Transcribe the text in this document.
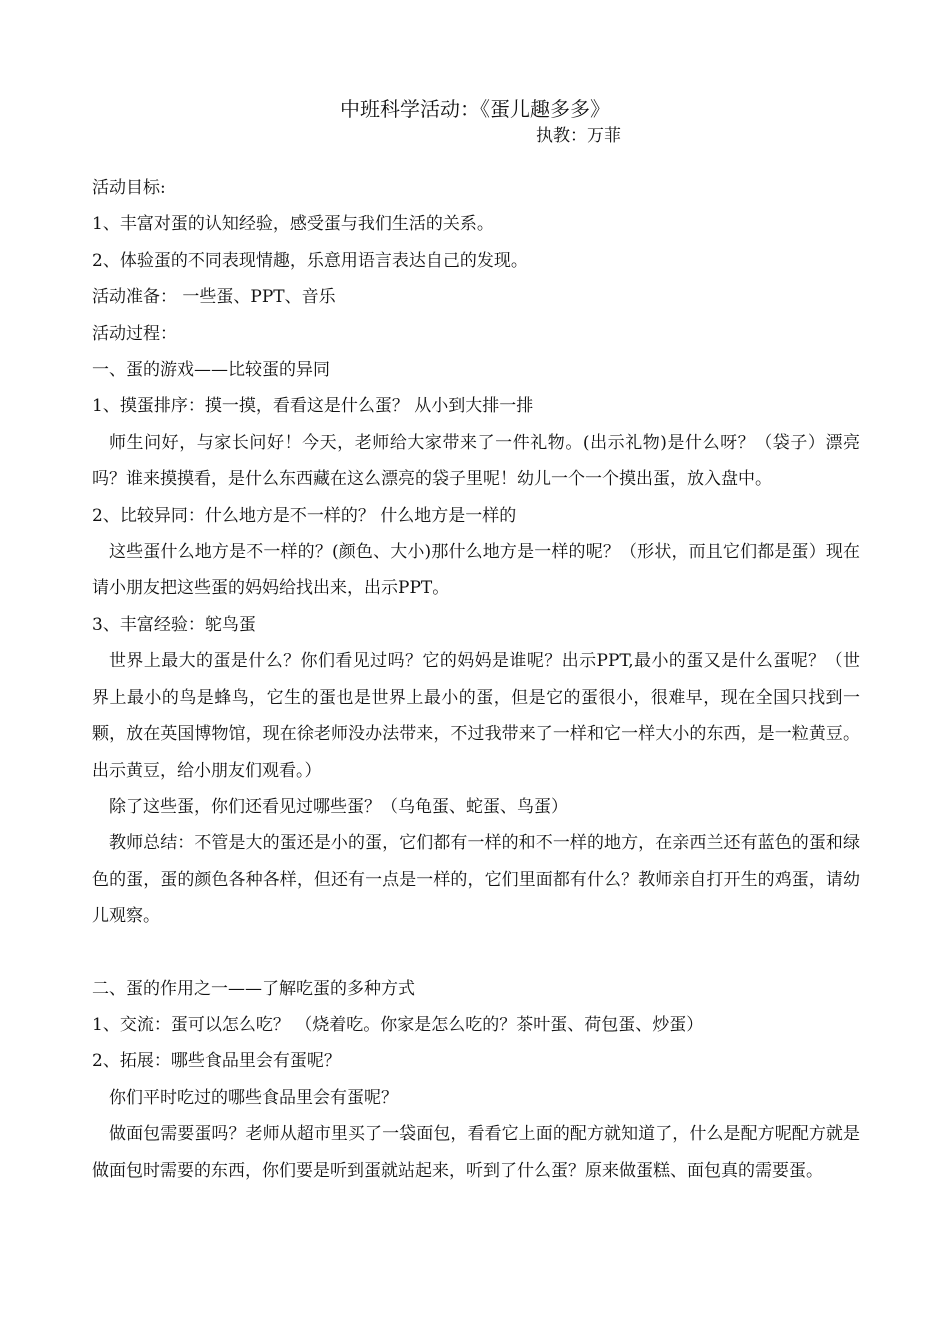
中班科学活动：《蛋儿趣多多》
执教：万菲

活动目标:

1、丰富对蛋的认知经验，感受蛋与我们生活的关系。

2、体验蛋的不同表现情趣，乐意用语言表达自己的发现。

活动准备： 一些蛋、PPT、音乐

活动过程：

一、蛋的游戏——比较蛋的异同

1、摸蛋排序：摸一摸，看看这是什么蛋？ 从小到大排一排

师生问好，与家长问好！今天，老师给大家带来了一件礼物。(出示礼物)是什么呀？（袋子）漂亮吗？谁来摸摸看，是什么东西藏在这么漂亮的袋子里呢！幼儿一个一个摸出蛋，放入盘中。

2、比较异同：什么地方是不一样的？ 什么地方是一样的

这些蛋什么地方是不一样的？(颜色、大小)那什么地方是一样的呢？（形状，而且它们都是蛋）现在请小朋友把这些蛋的妈妈给找出来，出示PPT。

3、丰富经验：鸵鸟蛋

世界上最大的蛋是什么？你们看见过吗？它的妈妈是谁呢？出示PPT,最小的蛋又是什么蛋呢？（世界上最小的鸟是蜂鸟，它生的蛋也是世界上最小的蛋，但是它的蛋很小，很难早，现在全国只找到一颗，放在英国博物馆，现在徐老师没办法带来，不过我带来了一样和它一样大小的东西，是一粒黄豆。出示黄豆，给小朋友们观看。）

除了这些蛋，你们还看见过哪些蛋？（乌龟蛋、蛇蛋、鸟蛋）

教师总结：不管是大的蛋还是小的蛋，它们都有一样的和不一样的地方，在亲西兰还有蓝色的蛋和绿色的蛋，蛋的颜色各种各样，但还有一点是一样的，它们里面都有什么？教师亲自打开生的鸡蛋，请幼儿观察。

二、蛋的作用之一——了解吃蛋的多种方式

1、交流：蛋可以怎么吃？ （烧着吃。你家是怎么吃的？茶叶蛋、荷包蛋、炒蛋）

2、拓展：哪些食品里会有蛋呢？

你们平时吃过的哪些食品里会有蛋呢？

做面包需要蛋吗？老师从超市里买了一袋面包，看看它上面的配方就知道了，什么是配方呢配方就是做面包时需要的东西，你们要是听到蛋就站起来，听到了什么蛋？原来做蛋糕、面包真的需要蛋。
